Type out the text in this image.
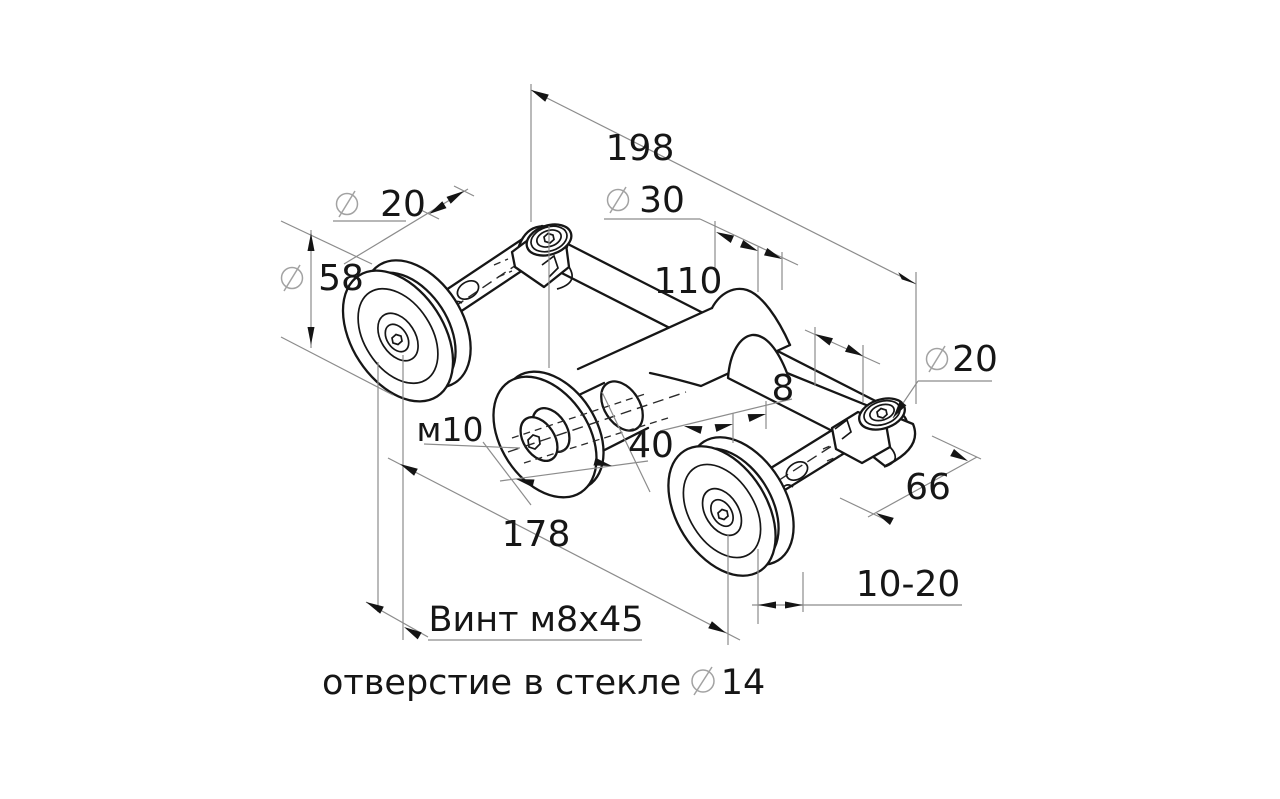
198
20
58
30
110
8
20
м10	40
66
178
10-20
Винт м8х45
отверстие в стекле 14
